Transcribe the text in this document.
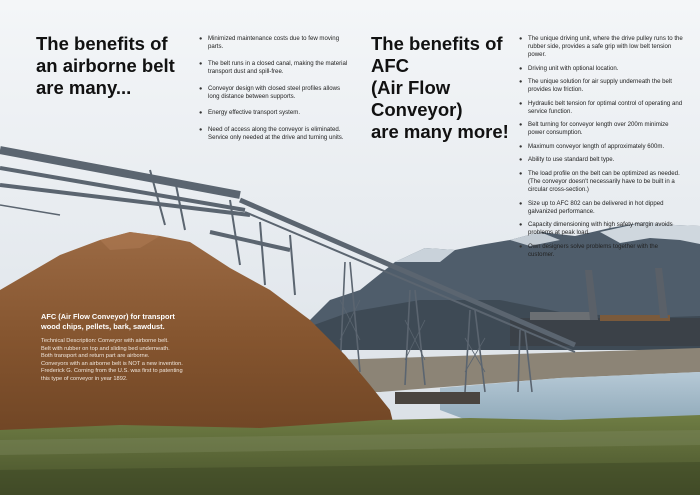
The benefits of
an airborne belt
are many...
● Minimized maintenance costs due to few moving parts.
● The belt runs in a closed canal, making the material transport dust and spill-free.
● Conveyor design with closed steel profiles allows long distance between supports.
● Energy effective transport system.
● Need of access along the conveyor is eliminated. Service only needed at the drive and turning units.
The benefits of AFC
(Air Flow Conveyor)
are many more!
● The unique driving unit, where the drive pulley runs to the rubber side, provides a safe grip with low belt tension power.
● Driving unit with optional location.
● The unique solution for air supply underneath the belt provides low friction.
● Hydraulic belt tension for optimal control of operating and service function.
● Belt turning for conveyor length over 200m minimize power consumption.
● Maximum conveyor length of approximately 600m.
● Ability to use standard belt type.
● The load profile on the belt can be optimized as needed. (The conveyor doesn't necessarily have to be built in a circular cross-section.)
● Size up to AFC 802 can be delivered in hot dipped galvanized performance.
● Capacity dimensioning with high safety margin avoids problems at peak load.
● Own designers solve problems together with the customer.
AFC (Air Flow Conveyor) for transport
wood chips, pellets, bark, sawdust.
Technical Description: Conveyor with airborne belt.
Belt with rubber on top and sliding bed underneath.
Both transport and return part are airborne.
Conveyors with an airborne belt is NOT a new invention.
Frederick G. Corning from the U.S. was first to patenting
this type of conveyor in year 1892.
